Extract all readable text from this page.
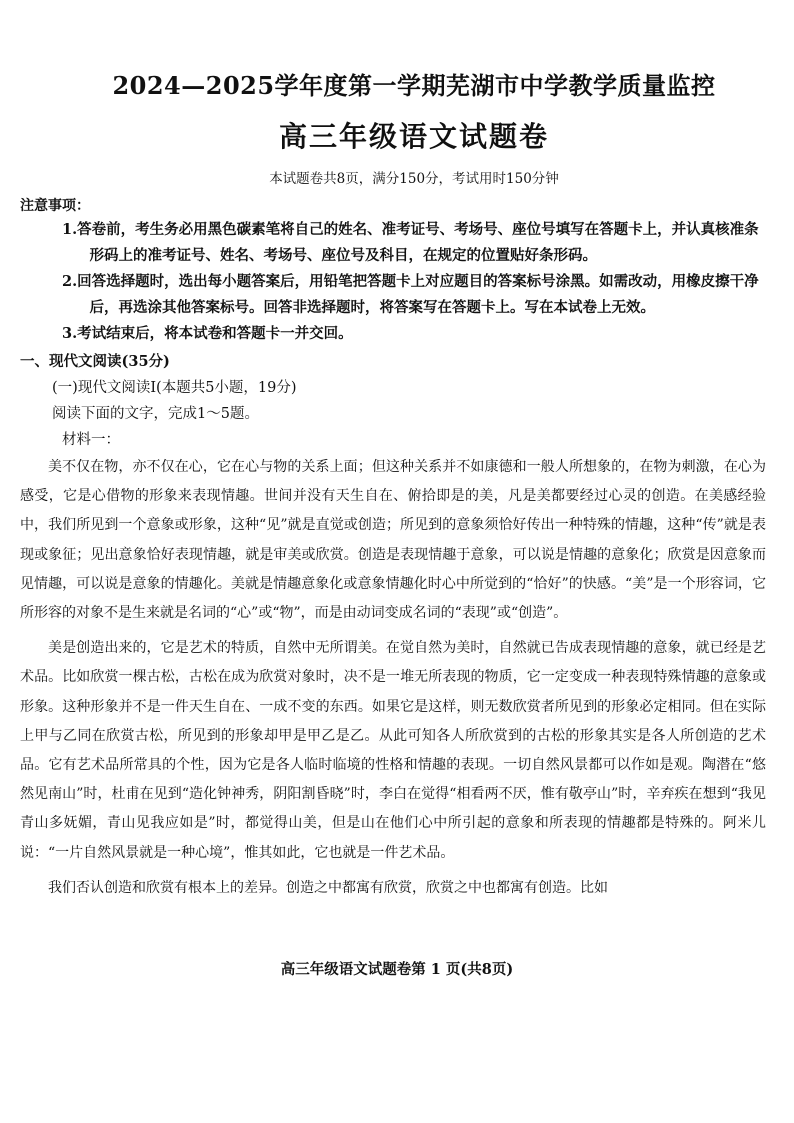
2024—2025学年度第一学期芜湖市中学教学质量监控
高三年级语文试题卷

本试题卷共8页，满分150分，考试用时150分钟

注意事项：
1.答卷前，考生务必用黑色碳素笔将自己的姓名、准考证号、考场号、座位号填写在答题卡上，并认真核准条形码上的准考证号、姓名、考场号、座位号及科目，在规定的位置贴好条形码。
2.回答选择题时，选出每小题答案后，用铅笔把答题卡上对应题目的答案标号涂黑。如需改动，用橡皮擦干净后，再选涂其他答案标号。回答非选择题时，将答案写在答题卡上。写在本试卷上无效。
3.考试结束后，将本试卷和答题卡一并交回。
一、现代文阅读(35分)
(一)现代文阅读Ⅰ(本题共5小题，19分)
阅读下面的文字，完成1～5题。
材料一：

美不仅在物，亦不仅在心，它在心与物的关系上面；但这种关系并不如康德和一般人所想象的，在物为刺激，在心为感受，它是心借物的形象来表现情趣。世间并没有天生自在、俯拾即是的美，凡是美都要经过心灵的创造。在美感经验中，我们所见到一个意象或形象，这种“见”就是直觉或创造；所见到的意象须恰好传出一种特殊的情趣，这种“传”就是表现或象征；见出意象恰好表现情趣，就是审美或欣赏。创造是表现情趣于意象，可以说是情趣的意象化；欣赏是因意象而见情趣，可以说是意象的情趣化。美就是情趣意象化或意象情趣化时心中所觉到的“恰好”的快感。“美”是一个形容词，它所形容的对象不是生来就是名词的“心”或“物”，而是由动词变成名词的“表现”或“创造”。

美是创造出来的，它是艺术的特质，自然中无所谓美。在觉自然为美时，自然就已告成表现情趣的意象，就已经是艺术品。比如欣赏一棵古松，古松在成为欣赏对象时，决不是一堆无所表现的物质，它一定变成一种表现特殊情趣的意象或形象。这种形象并不是一件天生自在、一成不变的东西。如果它是这样，则无数欣赏者所见到的形象必定相同。但在实际上甲与乙同在欣赏古松，所见到的形象却甲是甲乙是乙。从此可知各人所欣赏到的古松的形象其实是各人所创造的艺术品。它有艺术品所常具的个性，因为它是各人临时临境的性格和情趣的表现。一切自然风景都可以作如是观。陶潜在“悠然见南山”时，杜甫在见到“造化钟神秀，阴阳割昏晓”时，李白在觉得“相看两不厌，惟有敬亭山”时，辛弃疾在想到“我见青山多妩媚，青山见我应如是”时，都觉得山美，但是山在他们心中所引起的意象和所表现的情趣都是特殊的。阿米儿说：“一片自然风景就是一种心境”，惟其如此，它也就是一件艺术品。

我们否认创造和欣赏有根本上的差异。创造之中都寓有欣赏，欣赏之中也都寓有创造。比如

高三年级语文试题卷第 1 页(共8页)
